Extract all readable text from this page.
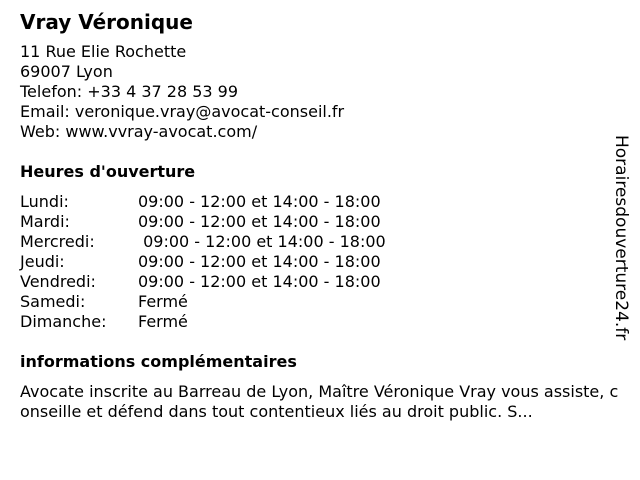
Vray Véronique
11 Rue Elie Rochette
69007 Lyon
Telefon: +33 4 37 28 53 99
Email: veronique.vray@avocat-conseil.fr
Web: www.vvray-avocat.com/
Heures d'ouverture
Lundi:	09:00 - 12:00 et 14:00 - 18:00
Mardi:	09:00 - 12:00 et 14:00 - 18:00
Mercredi:	09:00 - 12:00 et 14:00 - 18:00
Jeudi:	09:00 - 12:00 et 14:00 - 18:00
Vendredi:	09:00 - 12:00 et 14:00 - 18:00
Samedi:	Fermé
Dimanche:	Fermé
informations complémentaires
Avocate inscrite au Barreau de Lyon, Maître Véronique Vray vous assiste, conseille et défend dans tout contentieux liés au droit public. S...
Horairesdouverture24.fr
